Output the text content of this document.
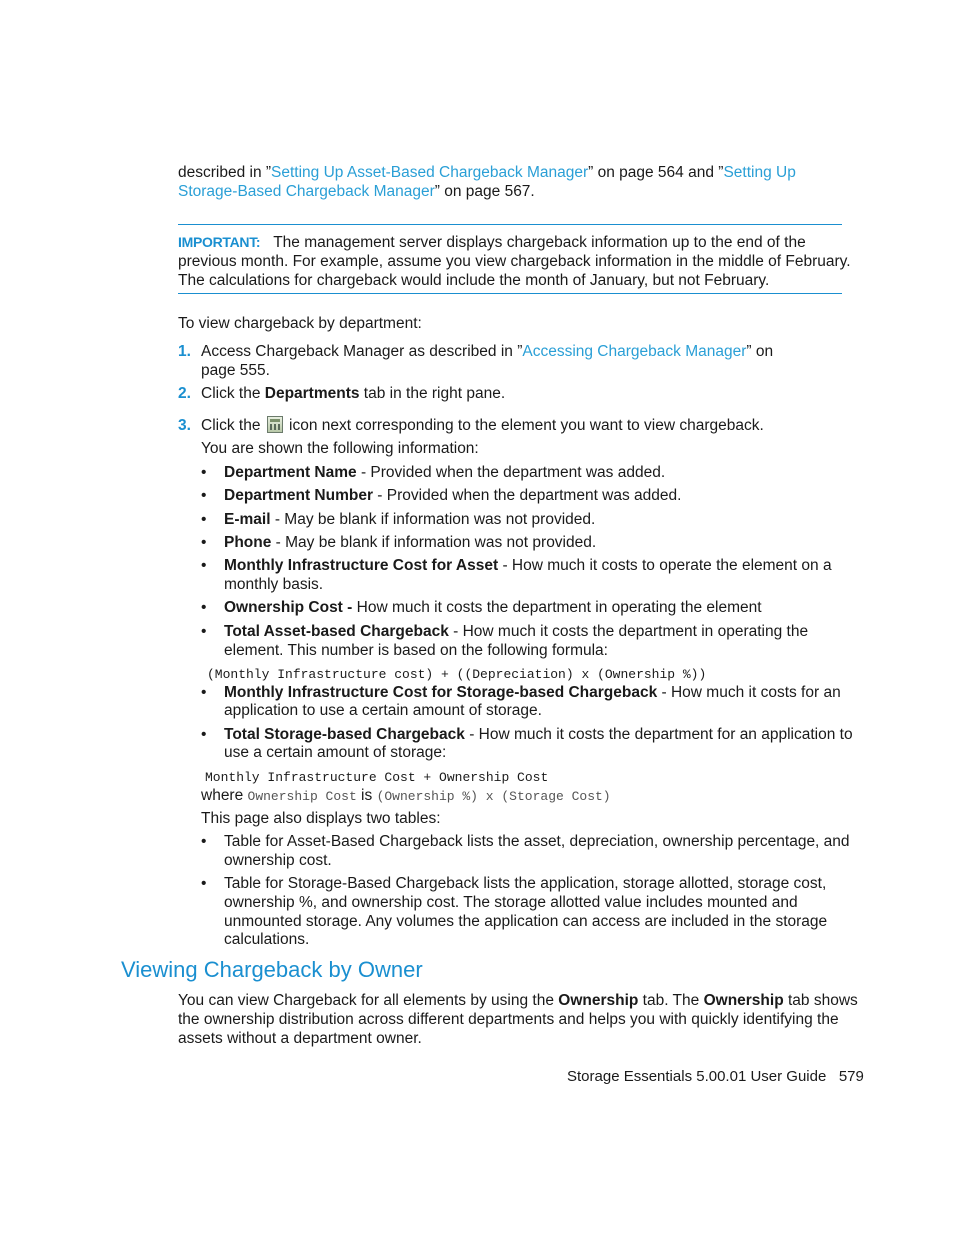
described in ”Setting Up Asset-Based Chargeback Manager” on page 564 and ”Setting Up
Storage-Based Chargeback Manager” on page 567.
IMPORTANT: The management server displays chargeback information up to the end of the
previous month. For example, assume you view chargeback information in the middle of February.
The calculations for chargeback would include the month of January, but not February.
To view chargeback by department:
1. Access Chargeback Manager as described in ”Accessing Chargeback Manager” on
page 555.
2. Click the Departments tab in the right pane.
3. Click the  icon next corresponding to the element you want to view chargeback.
You are shown the following information:
• Department Name - Provided when the department was added.
• Department Number - Provided when the department was added.
• E-mail - May be blank if information was not provided.
• Phone - May be blank if information was not provided.
• Monthly Infrastructure Cost for Asset - How much it costs to operate the element on a
monthly basis.
• Ownership Cost - How much it costs the department in operating the element
• Total Asset-based Chargeback - How much it costs the department in operating the
element. This number is based on the following formula:
(Monthly Infrastructure cost) + ((Depreciation) x (Ownership %))
• Monthly Infrastructure Cost for Storage-based Chargeback - How much it costs for an
application to use a certain amount of storage.
• Total Storage-based Chargeback - How much it costs the department for an application to
use a certain amount of storage:
Monthly Infrastructure Cost + Ownership Cost
where Ownership Cost is (Ownership %) x (Storage Cost)
This page also displays two tables:
• Table for Asset-Based Chargeback lists the asset, depreciation, ownership percentage, and
ownership cost.
• Table for Storage-Based Chargeback lists the application, storage allotted, storage cost,
ownership %, and ownership cost. The storage allotted value includes mounted and
unmounted storage. Any volumes the application can access are included in the storage
calculations.
Viewing Chargeback by Owner
You can view Chargeback for all elements by using the Ownership tab. The Ownership tab shows
the ownership distribution across different departments and helps you with quickly identifying the
assets without a department owner.
Storage Essentials 5.00.01 User Guide 579
